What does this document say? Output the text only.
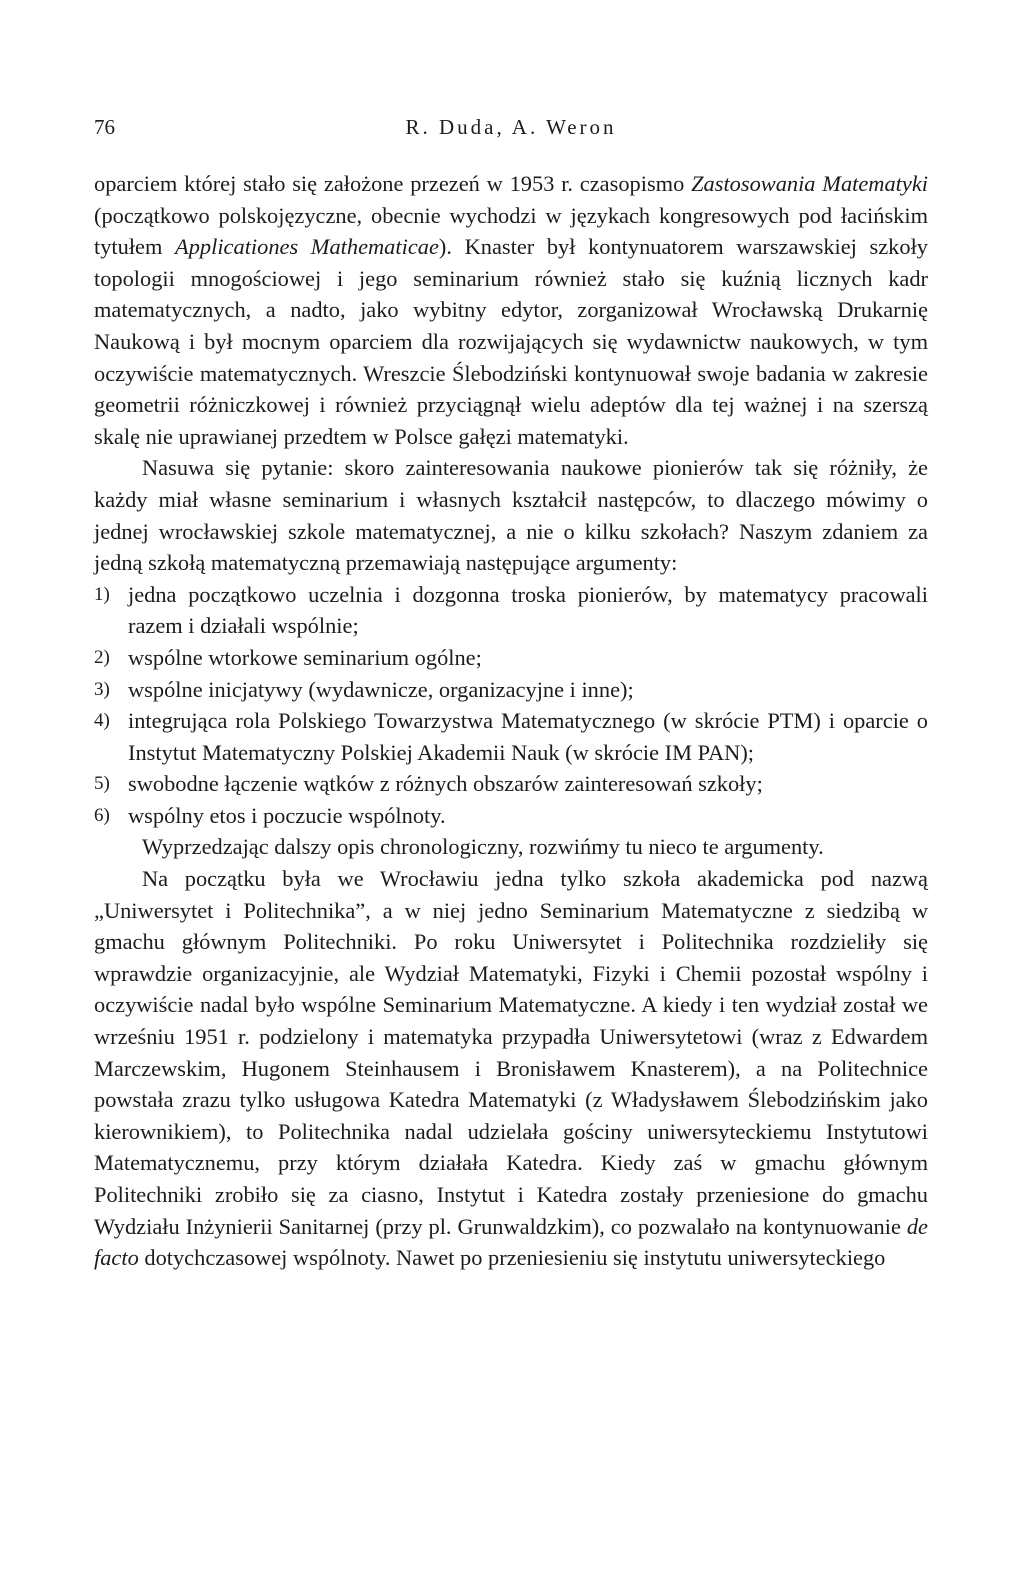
76	R. Duda, A. Weron

oparciem której stało się założone przezeń w 1953 r. czasopismo Zastosowania Matematyki (początkowo polskojęzyczne, obecnie wychodzi w językach kongresowych pod łacińskim tytułem Applicationes Mathematicae). Knaster był kontynuatorem warszawskiej szkoły topologii mnogościowej i jego seminarium również stało się kuźnią licznych kadr matematycznych, a nadto, jako wybitny edytor, zorganizował Wrocławską Drukarnię Naukową i był mocnym oparciem dla rozwijających się wydawnictw naukowych, w tym oczywiście matematycznych. Wreszcie Ślebodziński kontynuował swoje badania w zakresie geometrii różniczkowej i również przyciągnął wielu adeptów dla tej ważnej i na szerszą skalę nie uprawianej przedtem w Polsce gałęzi matematyki.

Nasuwa się pytanie: skoro zainteresowania naukowe pionierów tak się różniły, że każdy miał własne seminarium i własnych kształcił następców, to dlaczego mówimy o jednej wrocławskiej szkole matematycznej, a nie o kilku szkołach? Naszym zdaniem za jedną szkołą matematyczną przemawiają następujące argumenty:

1) jedna początkowo uczelnia i dozgonna troska pionierów, by matematycy pracowali razem i działali wspólnie;
2) wspólne wtorkowe seminarium ogólne;
3) wspólne inicjatywy (wydawnicze, organizacyjne i inne);
4) integrująca rola Polskiego Towarzystwa Matematycznego (w skrócie PTM) i oparcie o Instytut Matematyczny Polskiej Akademii Nauk (w skrócie IM PAN);
5) swobodne łączenie wątków z różnych obszarów zainteresowań szkoły;
6) wspólny etos i poczucie wspólnoty.

Wyprzedzając dalszy opis chronologiczny, rozwińmy tu nieco te argumenty.

Na początku była we Wrocławiu jedna tylko szkoła akademicka pod nazwą „Uniwersytet i Politechnika”, a w niej jedno Seminarium Matematyczne z siedzibą w gmachu głównym Politechniki. Po roku Uniwersytet i Politechnika rozdzieliły się wprawdzie organizacyjnie, ale Wydział Matematyki, Fizyki i Chemii pozostał wspólny i oczywiście nadal było wspólne Seminarium Matematyczne. A kiedy i ten wydział został we wrześniu 1951 r. podzielony i matematyka przypadła Uniwersytetowi (wraz z Edwardem Marczewskim, Hugonem Steinhausem i Bronisławem Knasterem), a na Politechnice powstała zrazu tylko usługowa Katedra Matematyki (z Władysławem Ślebodzińskim jako kierownikiem), to Politechnika nadal udzielała gościny uniwersyteckiemu Instytutowi Matematycznemu, przy którym działała Katedra. Kiedy zaś w gmachu głównym Politechniki zrobiło się za ciasno, Instytut i Katedra zostały przeniesione do gmachu Wydziału Inżynierii Sanitarnej (przy pl. Grunwaldzkim), co pozwalało na kontynuowanie de facto dotychczasowej wspólnoty. Nawet po przeniesieniu się instytutu uniwersyteckiego
